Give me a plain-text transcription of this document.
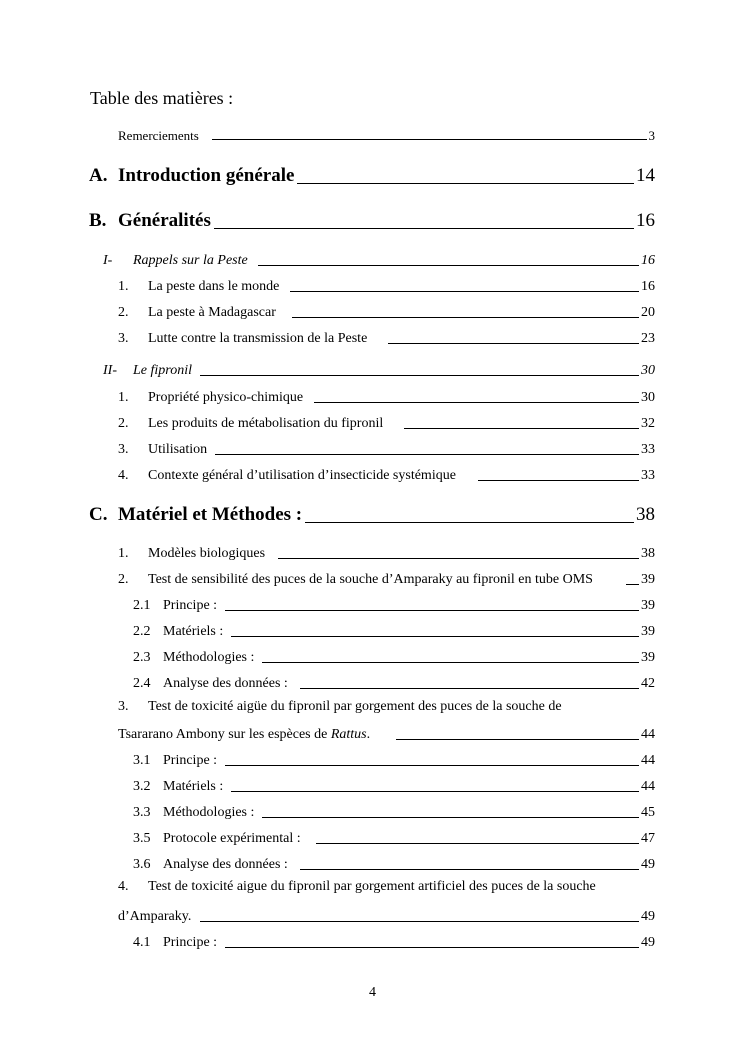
Table des matières :
Remerciements	3
A. Introduction générale	14
B. Généralités	16
I- Rappels sur la Peste	16
1. La peste dans le monde	16
2. La peste à Madagascar	20
3. Lutte contre la transmission de la Peste	23
II- Le fipronil	30
1. Propriété physico-chimique	30
2. Les produits de métabolisation du fipronil	32
3. Utilisation	33
4. Contexte général d’utilisation d’insecticide systémique	33
C. Matériel et Méthodes :	38
1. Modèles biologiques	38
2. Test de sensibilité des puces de la souche d’Amparaky au fipronil en tube OMS	39
2.1 Principe :	39
2.2 Matériels :	39
2.3 Méthodologies :	39
2.4 Analyse des données :	42
3. Test de toxicité aigüe du fipronil par gorgement des puces de la souche de
Tsararano Ambony sur les espèces de Rattus.	44
3.1 Principe :	44
3.2 Matériels :	44
3.3 Méthodologies :	45
3.5 Protocole expérimental :	47
3.6 Analyse des données :	49
4. Test de toxicité aigue du fipronil par gorgement artificiel des puces de la souche
d’Amparaky.	49
4.1 Principe :	49
4
